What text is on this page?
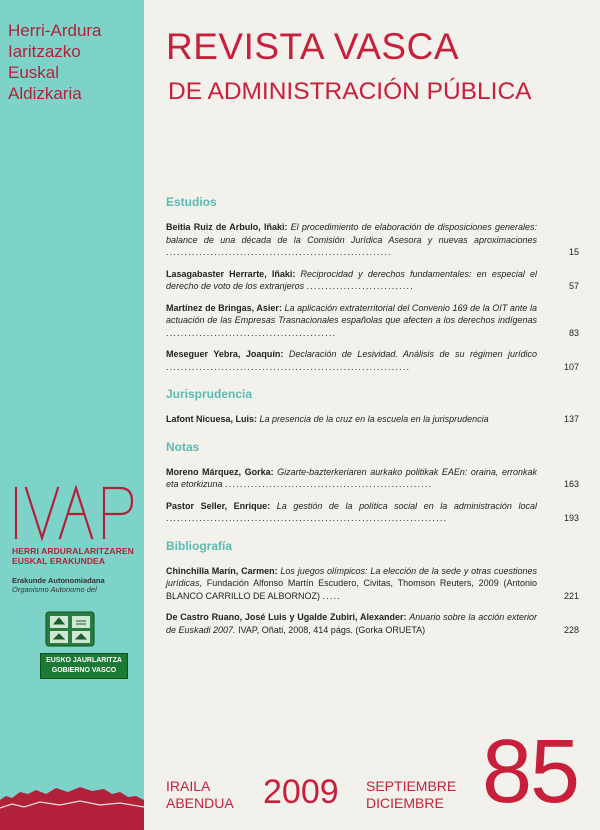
Herri-Ardura
Iaritzazko
Euskal
Aldizkaria
HERRI ARDURALARITZAREN
EUSKAL ERAKUNDEA
Erakunde Autonomiadana
Organismo Autonomo del
EUSKO JAURLARITZA
GOBIERNO VASCO
REVISTA VASCA
DE ADMINISTRACIÓN PÚBLICA
Estudios
Beitia Ruiz de Arbulo, Iñaki: El procedimiento de elaboración de disposiciones generales: balance de una década de la Comisión Jurídica Asesora y nuevas aproximaciones .............................................................	15
Lasagabaster Herrarte, Iñaki: Reciprocidad y derechos fundamentales: en especial el derecho de voto de los extranjeros .............................	57
Martínez de Bringas, Asier: La aplicación extraterritorial del Convenio 169 de la OIT ante la actuación de las Empresas Trasnacionales españolas que afecten a los derechos indígenas ..............................................	83
Meseguer Yebra, Joaquín: Declaración de Lesividad. Análisis de su régimen jurídico ..................................................................	107
Jurisprudencia
Lafont Nicuesa, Luis: La presencia de la cruz en la escuela en la jurisprudencia	137
Notas
Moreno Márquez, Gorka: Gizarte-bazterkeriaren aurkako politikak EAEn: oraina, erronkak eta etorkizuna ........................................................	163
Pastor Seller, Enrique: La gestión de la política social en la administración local ............................................................................	193
Bibliografía
Chinchilla Marín, Carmen: Los juegos olímpicos: La elección de la sede y otras cuestiones jurídicas, Fundación Alfonso Martín Escudero, Civitas, Thomson Reuters, 2009 (Antonio BLANCO CARRILLO DE ALBORNOZ) .....	221
De Castro Ruano, José Luis y Ugalde Zubiri, Alexander: Anuario sobre la acción exterior de Euskadi 2007. IVAP, Oñati, 2008, 414 págs. (Gorka ORUETA)	228
IRAILA
ABENDUA 2009 SEPTIEMBRE
DICIEMBRE 85
